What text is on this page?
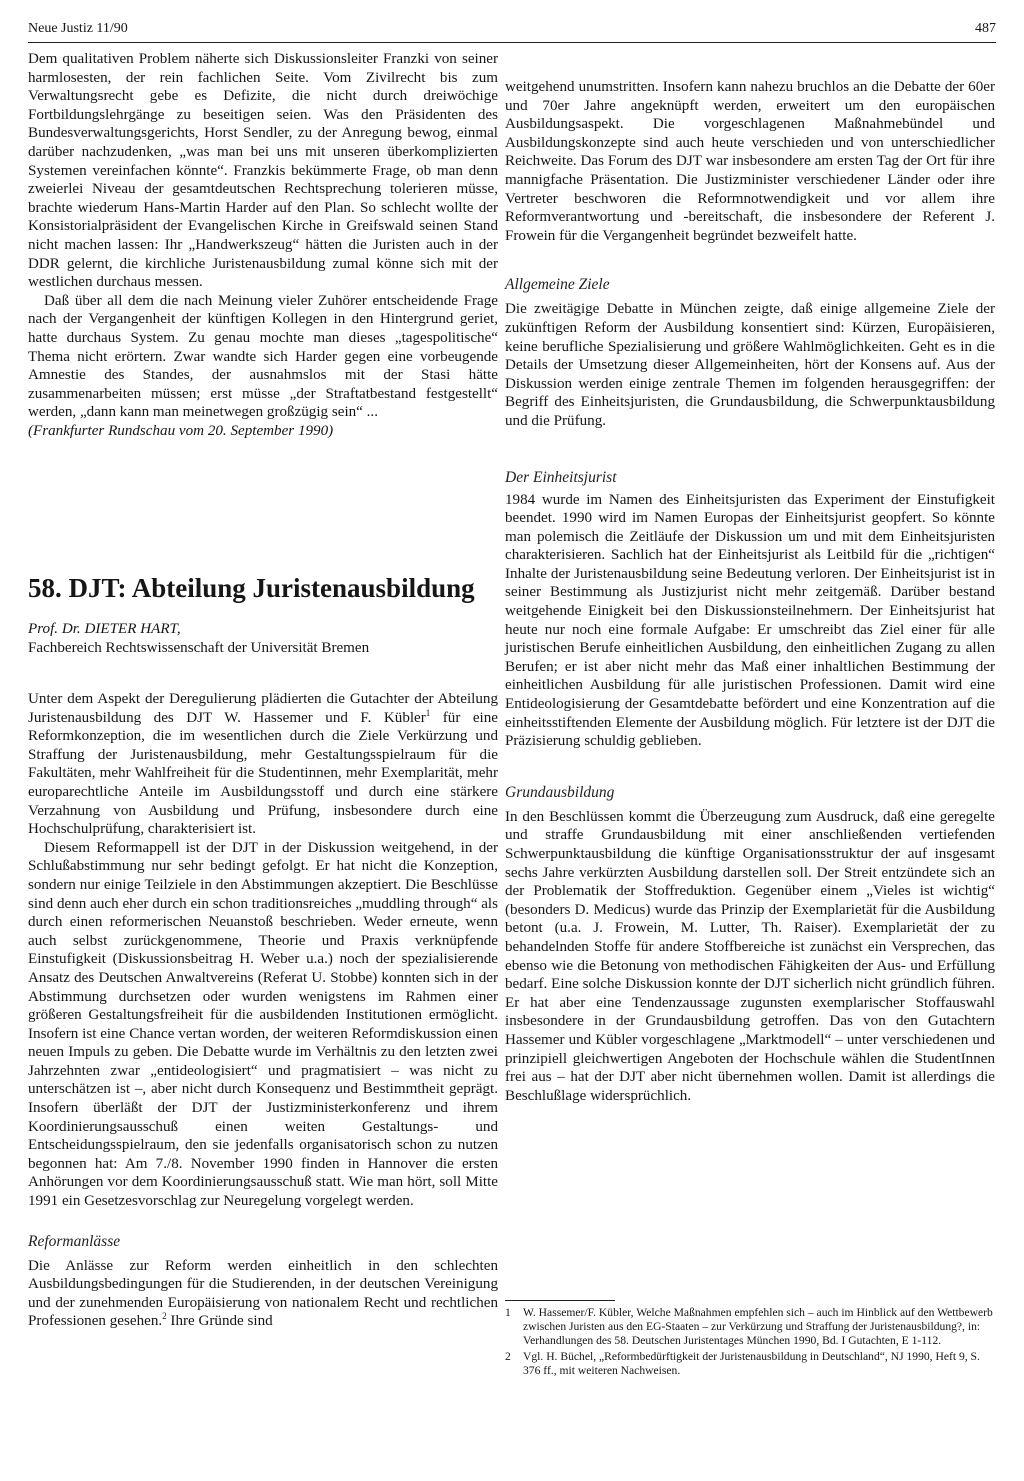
Neue Justiz 11/90	487

Dem qualitativen Problem näherte sich Diskussionsleiter Franzki von seiner harmlosesten, der rein fachlichen Seite. Vom Zivilrecht bis zum Verwaltungsrecht gebe es Defizite, die nicht durch dreiwöchige Fortbildungslehrgänge zu beseitigen seien. Was den Präsidenten des Bundesverwaltungsgerichts, Horst Sendler, zu der Anregung bewog, einmal darüber nachzudenken, „was man bei uns mit unseren überkomplizierten Systemen vereinfachen könnte“. Franzkis bekümmerte Frage, ob man denn zweierlei Niveau der gesamtdeutschen Rechtsprechung tolerieren müsse, brachte wiederum Hans-Martin Harder auf den Plan. So schlecht wollte der Konsistorialpräsident der Evangelischen Kirche in Greifswald seinen Stand nicht machen lassen: Ihr „Handwerkszeug“ hätten die Juristen auch in der DDR gelernt, die kirchliche Juristenausbildung zumal könne sich mit der westlichen durchaus messen.

Daß über all dem die nach Meinung vieler Zuhörer entscheidende Frage nach der Vergangenheit der künftigen Kollegen in den Hintergrund geriet, hatte durchaus System. Zu genau mochte man dieses „tagespolitische“ Thema nicht erörtern. Zwar wandte sich Harder gegen eine vorbeugende Amnestie des Standes, der ausnahmslos mit der Stasi hätte zusammenarbeiten müssen; erst müsse „der Straftatbestand festgestellt“ werden, „dann kann man meinetwegen großzügig sein“ ...

(Frankfurter Rundschau vom 20. September 1990)

58. DJT: Abteilung Juristenausbildung
Prof. Dr. DIETER HART,
Fachbereich Rechtswissenschaft der Universität Bremen

Unter dem Aspekt der Deregulierung plädierten die Gutachter der Abteilung Juristenausbildung des DJT W. Hassemer und F. Kübler$^1$ für eine Reformkonzeption, die im wesentlichen durch die Ziele Verkürzung und Straffung der Juristenausbildung, mehr Gestaltungsspielraum für die Fakultäten, mehr Wahlfreiheit für die Studentinnen, mehr Exemplarität, mehr europarechtliche Anteile im Ausbildungsstoff und durch eine stärkere Verzahnung von Ausbildung und Prüfung, insbesondere durch eine Hochschulprüfung, charakterisiert ist.

Diesem Reformappell ist der DJT in der Diskussion weitgehend, in der Schlußabstimmung nur sehr bedingt gefolgt. Er hat nicht die Konzeption, sondern nur einige Teilziele in den Abstimmungen akzeptiert. Die Beschlüsse sind denn auch eher durch ein schon traditionsreiches „muddling through“ als durch einen reformerischen Neuanstoß beschrieben. Weder erneute, wenn auch selbst zurückgenommene, Theorie und Praxis verknüpfende Einstufigkeit (Diskussionsbeitrag H. Weber u.a.) noch der spezialisierende Ansatz des Deutschen Anwaltvereins (Referat U. Stobbe) konnten sich in der Abstimmung durchsetzen oder wurden wenigstens im Rahmen einer größeren Gestaltungsfreiheit für die ausbildenden Institutionen ermöglicht. Insofern ist eine Chance vertan worden, der weiteren Reformdiskussion einen neuen Impuls zu geben. Die Debatte wurde im Verhältnis zu den letzten zwei Jahrzehnten zwar „entideologisiert“ und pragmatisiert – was nicht zu unterschätzen ist –, aber nicht durch Konsequenz und Bestimmtheit geprägt. Insofern überläßt der DJT der Justizministerkonferenz und ihrem Koordinierungsausschuß einen weiten Gestaltungs- und Entscheidungsspielraum, den sie jedenfalls organisatorisch schon zu nutzen begonnen hat: Am 7./8. November 1990 finden in Hannover die ersten Anhörungen vor dem Koordinierungsausschuß statt. Wie man hört, soll Mitte 1991 ein Gesetzesvorschlag zur Neuregelung vorgelegt werden.

Reformanlässe

Die Anlässe zur Reform werden einheitlich in den schlechten Ausbildungsbedingungen für die Studierenden, in der deutschen Vereinigung und der zunehmenden Europäisierung von nationalem Recht und rechtlichen Professionen gesehen.$^2$ Ihre Gründe sind

weitgehend unumstritten. Insofern kann nahezu bruchlos an die Debatte der 60er und 70er Jahre angeknüpft werden, erweitert um den europäischen Ausbildungsaspekt. Die vorgeschlagenen Maßnahmebündel und Ausbildungskonzepte sind auch heute verschieden und von unterschiedlicher Reichweite. Das Forum des DJT war insbesondere am ersten Tag der Ort für ihre mannigfache Präsentation. Die Justizminister verschiedener Länder oder ihre Vertreter beschworen die Reformnotwendigkeit und vor allem ihre Reformverantwortung und -bereitschaft, die insbesondere der Referent J. Frowein für die Vergangenheit begründet bezweifelt hatte.

Allgemeine Ziele

Die zweitägige Debatte in München zeigte, daß einige allgemeine Ziele der zukünftigen Reform der Ausbildung konsentiert sind: Kürzen, Europäisieren, keine berufliche Spezialisierung und größere Wahlmöglichkeiten. Geht es in die Details der Umsetzung dieser Allgemeinheiten, hört der Konsens auf. Aus der Diskussion werden einige zentrale Themen im folgenden herausgegriffen: der Begriff des Einheitsjuristen, die Grundausbildung, die Schwerpunktausbildung und die Prüfung.

Der Einheitsjurist

1984 wurde im Namen des Einheitsjuristen das Experiment der Einstufigkeit beendet. 1990 wird im Namen Europas der Einheitsjurist geopfert. So könnte man polemisch die Zeitläufe der Diskussion um und mit dem Einheitsjuristen charakterisieren. Sachlich hat der Einheitsjurist als Leitbild für die „richtigen“ Inhalte der Juristenausbildung seine Bedeutung verloren. Der Einheitsjurist ist in seiner Bestimmung als Justizjurist nicht mehr zeitgemäß. Darüber bestand weitgehende Einigkeit bei den Diskussionsteilnehmern. Der Einheitsjurist hat heute nur noch eine formale Aufgabe: Er umschreibt das Ziel einer für alle juristischen Berufe einheitlichen Ausbildung, den einheitlichen Zugang zu allen Berufen; er ist aber nicht mehr das Maß einer inhaltlichen Bestimmung der einheitlichen Ausbildung für alle juristischen Professionen. Damit wird eine Entideologisierung der Gesamtdebatte befördert und eine Konzentration auf die einheitsstiftenden Elemente der Ausbildung möglich. Für letztere ist der DJT die Präzisierung schuldig geblieben.

Grundausbildung

In den Beschlüssen kommt die Überzeugung zum Ausdruck, daß eine geregelte und straffe Grundausbildung mit einer anschließenden vertiefenden Schwerpunktausbildung die künftige Organisationsstruktur der auf insgesamt sechs Jahre verkürzten Ausbildung darstellen soll. Der Streit entzündete sich an der Problematik der Stoffreduktion. Gegenüber einem „Vieles ist wichtig“ (besonders D. Medicus) wurde das Prinzip der Exemplarietät für die Ausbildung betont (u.a. J. Frowein, M. Lutter, Th. Raiser). Exemplarietät der zu behandelnden Stoffe für andere Stoffbereiche ist zunächst ein Versprechen, das ebenso wie die Betonung von methodischen Fähigkeiten der Aus- und Erfüllung bedarf. Eine solche Diskussion konnte der DJT sicherlich nicht gründlich führen. Er hat aber eine Tendenzaussage zugunsten exemplarischer Stoffauswahl insbesondere in der Grundausbildung getroffen. Das von den Gutachtern Hassemer und Kübler vorgeschlagene „Marktmodell“ – unter verschiedenen und prinzipiell gleichwertigen Angeboten der Hochschule wählen die StudentInnen frei aus – hat der DJT aber nicht übernehmen wollen. Damit ist allerdings die Beschlußlage widersprüchlich.

1	W. Hassemer/F. Kübler, Welche Maßnahmen empfehlen sich – auch im Hinblick auf den Wettbewerb zwischen Juristen aus den EG-Staaten – zur Verkürzung und Straffung der Juristenausbildung?, in: Verhandlungen des 58. Deutschen Juristentages München 1990, Bd. I Gutachten, E 1-112.
2	Vgl. H. Büchel, „Reformbedürftigkeit der Juristenausbildung in Deutschland“, NJ 1990, Heft 9, S. 376 ff., mit weiteren Nachweisen.
